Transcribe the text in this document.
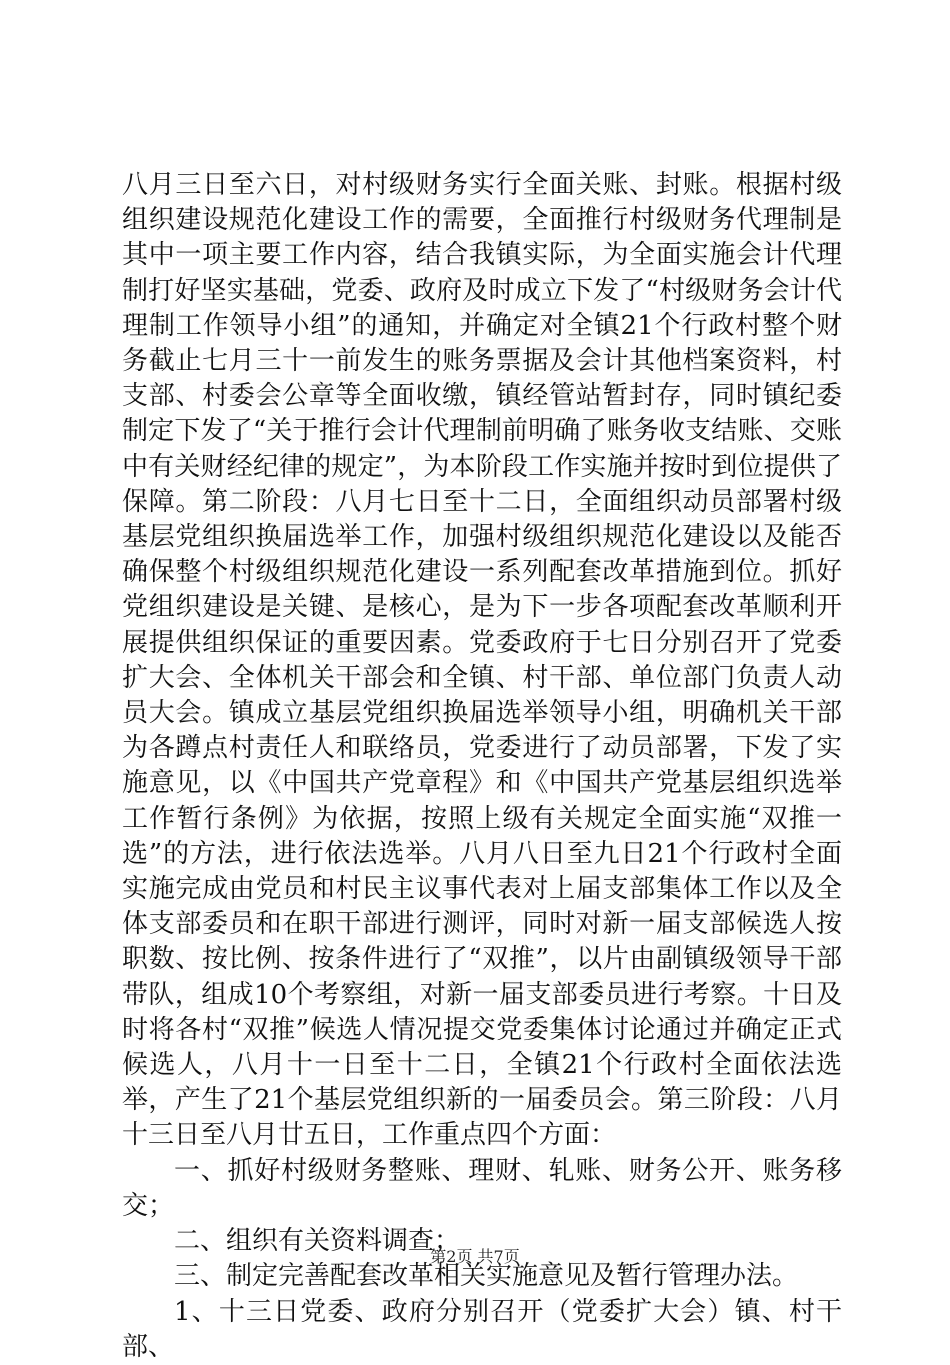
八月三日至六日，对村级财务实行全面关账、封账。根据村级组织建设规范化建设工作的需要，全面推行村级财务代理制是其中一项主要工作内容，结合我镇实际，为全面实施会计代理制打好坚实基础，党委、政府及时成立下发了“村级财务会计代理制工作领导小组”的通知，并确定对全镇21个行政村整个财务截止七月三十一前发生的账务票据及会计其他档案资料，村支部、村委会公章等全面收缴，镇经管站暂封存，同时镇纪委制定下发了“关于推行会计代理制前明确了账务收支结账、交账中有关财经纪律的规定”，为本阶段工作实施并按时到位提供了保障。第二阶段：八月七日至十二日，全面组织动员部署村级基层党组织换届选举工作，加强村级组织规范化建设以及能否确保整个村级组织规范化建设一系列配套改革措施到位。抓好党组织建设是关键、是核心，是为下一步各项配套改革顺利开展提供组织保证的重要因素。党委政府于七日分别召开了党委扩大会、全体机关干部会和全镇、村干部、单位部门负责人动员大会。镇成立基层党组织换届选举领导小组，明确机关干部为各蹲点村责任人和联络员，党委进行了动员部署，下发了实施意见，以《中国共产党章程》和《中国共产党基层组织选举工作暂行条例》为依据，按照上级有关规定全面实施“双推一选”的方法，进行依法选举。八月八日至九日21个行政村全面实施完成由党员和村民主议事代表对上届支部集体工作以及全体支部委员和在职干部进行测评，同时对新一届支部候选人按职数、按比例、按条件进行了“双推”，以片由副镇级领导干部带队，组成10个考察组，对新一届支部委员进行考察。十日及时将各村“双推”候选人情况提交党委集体讨论通过并确定正式候选人，八月十一日至十二日，全镇21个行政村全面依法选举，产生了21个基层党组织新的一届委员会。第三阶段：八月十三日至八月廿五日，工作重点四个方面：

一、抓好村级财务整账、理财、轧账、财务公开、账务移交；

二、组织有关资料调查；

三、制定完善配套改革相关实施意见及暂行管理办法。

1、十三日党委、政府分别召开（党委扩大会）镇、村干部、

第2页 共7页
